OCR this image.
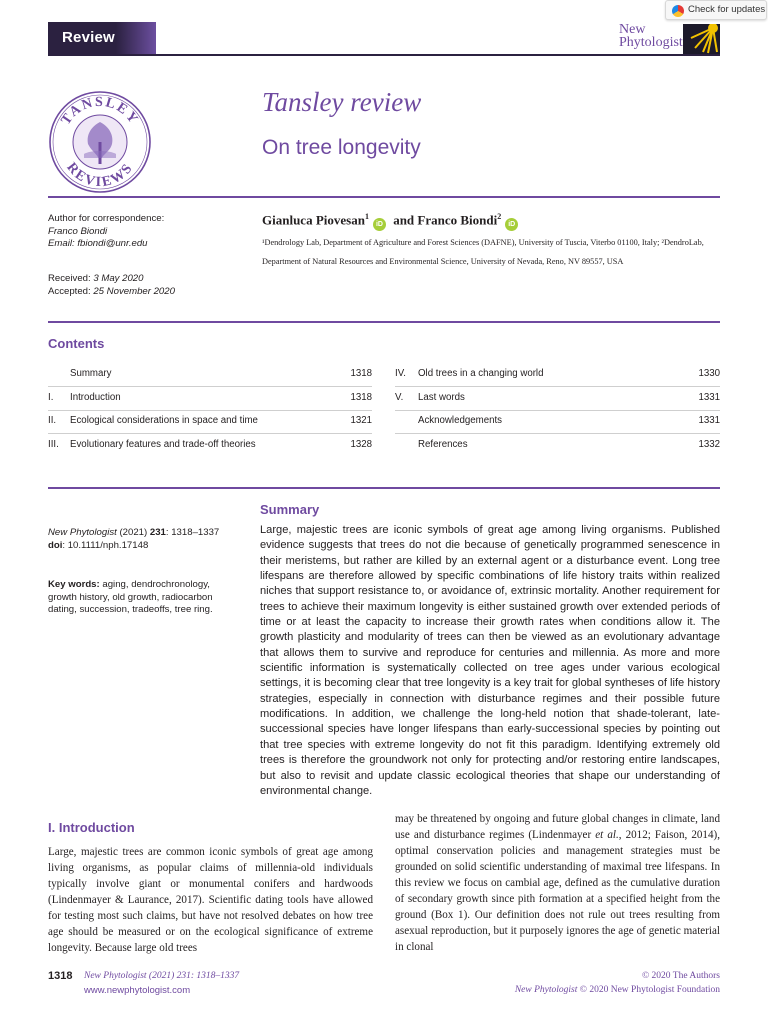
Review	New
Phytologist
Check for updates
TANSLEY
REVIEWS
Tansley review
On tree longevity
Author for correspondence:
Franco Biondi
Email: fbiondi@unr.edu
Received: 3 May 2020
Accepted: 25 November 2020
Gianluca Piovesan$^1$iD and Franco Biondi$^2$iD
¹Dendrology Lab, Department of Agriculture and Forest Sciences (DAFNE), University of Tuscia, Viterbo 01100, Italy; ²DendroLab,
Department of Natural Resources and Environmental Science, University of Nevada, Reno, NV 89557, USA
Contents
New Phytologist (2021) 231: 1318–1337
doi: 10.1111/nph.17148
Key words: aging, dendrochronology, growth history, old growth, radiocarbon dating, succession, tradeoffs, tree ring.
Summary
Large, majestic trees are iconic symbols of great age among living organisms. Published evidence suggests that trees do not die because of genetically programmed senescence in their meristems, but rather are killed by an external agent or a disturbance event. Long tree lifespans are therefore allowed by specific combinations of life history traits within realized niches that support resistance to, or avoidance of, extrinsic mortality. Another requirement for trees to achieve their maximum longevity is either sustained growth over extended periods of time or at least the capacity to increase their growth rates when conditions allow it. The growth plasticity and modularity of trees can then be viewed as an evolutionary advantage that allows them to survive and reproduce for centuries and millennia. As more and more scientific information is systematically collected on tree ages under various ecological settings, it is becoming clear that tree longevity is a key trait for global syntheses of life history strategies, especially in connection with disturbance regimes and their possible future modifications. In addition, we challenge the long-held notion that shade-tolerant, late-successional species have longer lifespans than early-successional species by pointing out that tree species with extreme longevity do not fit this paradigm. Identifying extremely old trees is therefore the groundwork not only for protecting and/or restoring entire landscapes, but also to revisit and update classic ecological theories that shape our understanding of environmental change.
I. Introduction
Large, majestic trees are common iconic symbols of great age among living organisms, as popular claims of millennia-old individuals typically involve giant or monumental conifers and hardwoods (Lindenmayer & Laurance, 2017). Scientific dating tools have allowed for testing most such claims, but have not resolved debates on how tree age should be measured or on the ecological significance of extreme longevity. Because large old trees
may be threatened by ongoing and future global changes in climate, land use and disturbance regimes (Lindenmayer et al., 2012; Faison, 2014), optimal conservation policies and management strategies must be grounded on solid scientific understanding of maximal tree lifespans. In this review we focus on cambial age, defined as the cumulative duration of secondary growth since pith formation at a specified height from the ground (Box 1). Our definition does not rule out trees resulting from asexual reproduction, but it purposely ignores the age of genetic material in clonal
1318 New Phytologist (2021) 231: 1318–1337
www.newphytologist.com
© 2020 The Authors
New Phytologist © 2020 New Phytologist Foundation
Summary	1318
I. Introduction	1318
II. Ecological considerations in space and time	1321
III. Evolutionary features and trade-off theories	1328
IV. Old trees in a changing world	1330
V. Last words	1331
Acknowledgements	1331
References	1332
